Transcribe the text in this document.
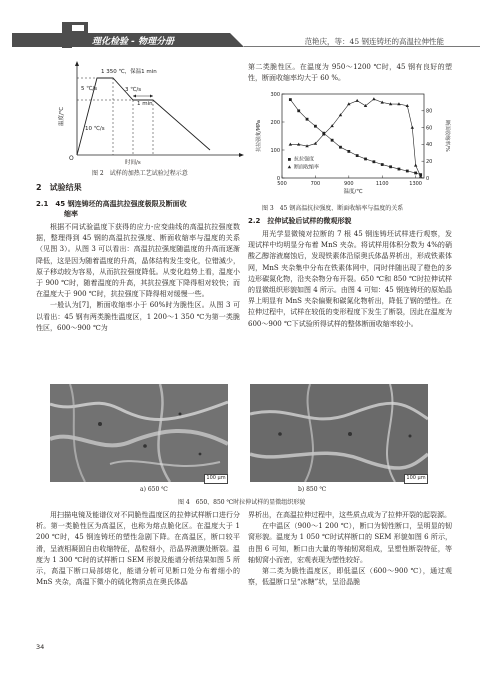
理化检验 - 物理分册	范艳庆，等：45 钢连铸坯的高温拉伸性能
1 350 ℃，保温1 min
5 ℃/s	3 ℃/s
1 min
10 ℃/s
温度/℃
O
时间/s
图 2　试样的加热工艺试验过程示意
500	700	900	1100	1300
0
100
200
300
0
20
40
60
80
抗拉强度/MPa	断面收缩率/%
温度/℃
抗拉强度
断面收缩率
图 3　45 钢高温抗拉强度、断面收缩率与温度的关系
2　试验结果
2.1　45 钢连铸坯的高温抗拉强度极限及断面收
缩率

根据不同试验温度下获得的应力-应变曲线的高温抗拉强度数据，整理得到 45 钢的高温抗拉强度、断面收缩率与温度的关系（见图 3）。从图 3 可以看出：高温抗拉强度随温度的升高而逐渐降低，这是因为随着温度的升高，晶体结构发生变化，位错滅少，原子移动较为容易，从而抗拉强度降低。从变化趋势上看，温度小于 900 ℃时，随着温度的升高，其抗拉强度下降得相对较快；而在温度大于 900 ℃时，抗拉强度下降得相对缓慢一些。

一般认为[7]，断面收缩率小于 60%时为脆性区。从图 3 可以看出：45 钢有两类脆性温度区，1 200～1 350 ℃为第一类脆性区，600～900 ℃为

第二类脆性区。在温度为 950～1200 ℃时，45 钢有良好的塑性，断面收缩率均大于 60 %。

2.2　拉伸试验后试样的微观形貌

用光学显微镜对拉断的 7 根 45 钢连铸坯试样进行观察，发现试样中均明显分布着 MnS 夹杂。将试样用体积分数为 4%的硝酸乙醇溶液腐蚀后，发现铁素体沿原奥氏体晶界析出，形成铁素体网，MnS 夹杂集中分布在铁素体网中，同时伴随出现了橙色的多边形碳氮化物，沿夹杂物分布开裂。650 ℃和 850 ℃时拉伸试样的显微组织形貌如图 4 所示。由图 4 可知：45 钢连铸坯的原始晶界上明显有 MnS 夹杂偏聚和碳氮化物析出，降低了钢的塑性。在拉伸过程中，试样在较低的变形程度下发生了断裂，因此在温度为 600～900 ℃下试验所得试样的整体断面收缩率较小。

100 μm	100 μm
a) 650 ℃	b) 850 ℃
图 4　650、850 ℃时拉伸试样的显微组织形貌

用扫描电镜及能谱仪对不同脆性温度区的拉伸试样断口进行分析。第一类脆性区为高温区，也称为熔点脆化区。在温度大于 1 200 ℃时，45 钢连铸坯的塑性急剧下降。在高温区，断口较平滑，呈液相凝固自由收缩特征，晶粒细小，沿晶界液膜处断裂。温度为 1 300 ℃时的试样断口 SEM 形貌及能谱分析结果如图 5 所示，高温下断口局部熔化，能谱分析可见断口处分布着细小的 MnS 夹杂，高温下微小的硫化物质点在奥氏体晶

界析出，在高温拉伸过程中，这些质点成为了拉伸开裂的起裂源。

在中温区（900～1 200 ℃），断口为韧性断口，呈明显的韧窝形貌。温度为 1 050 ℃时试样断口的 SEM 形貌如图 6 所示，由图 6 可知，断口由大量的等轴韧窝组成，呈塑性断裂特征，等轴韧窝小而密，宏观表现为塑性较好。

第二类为脆性温度区，即低温区（600～900 ℃），通过观察，低温断口呈“冰糖”状，呈沿晶脆

34
